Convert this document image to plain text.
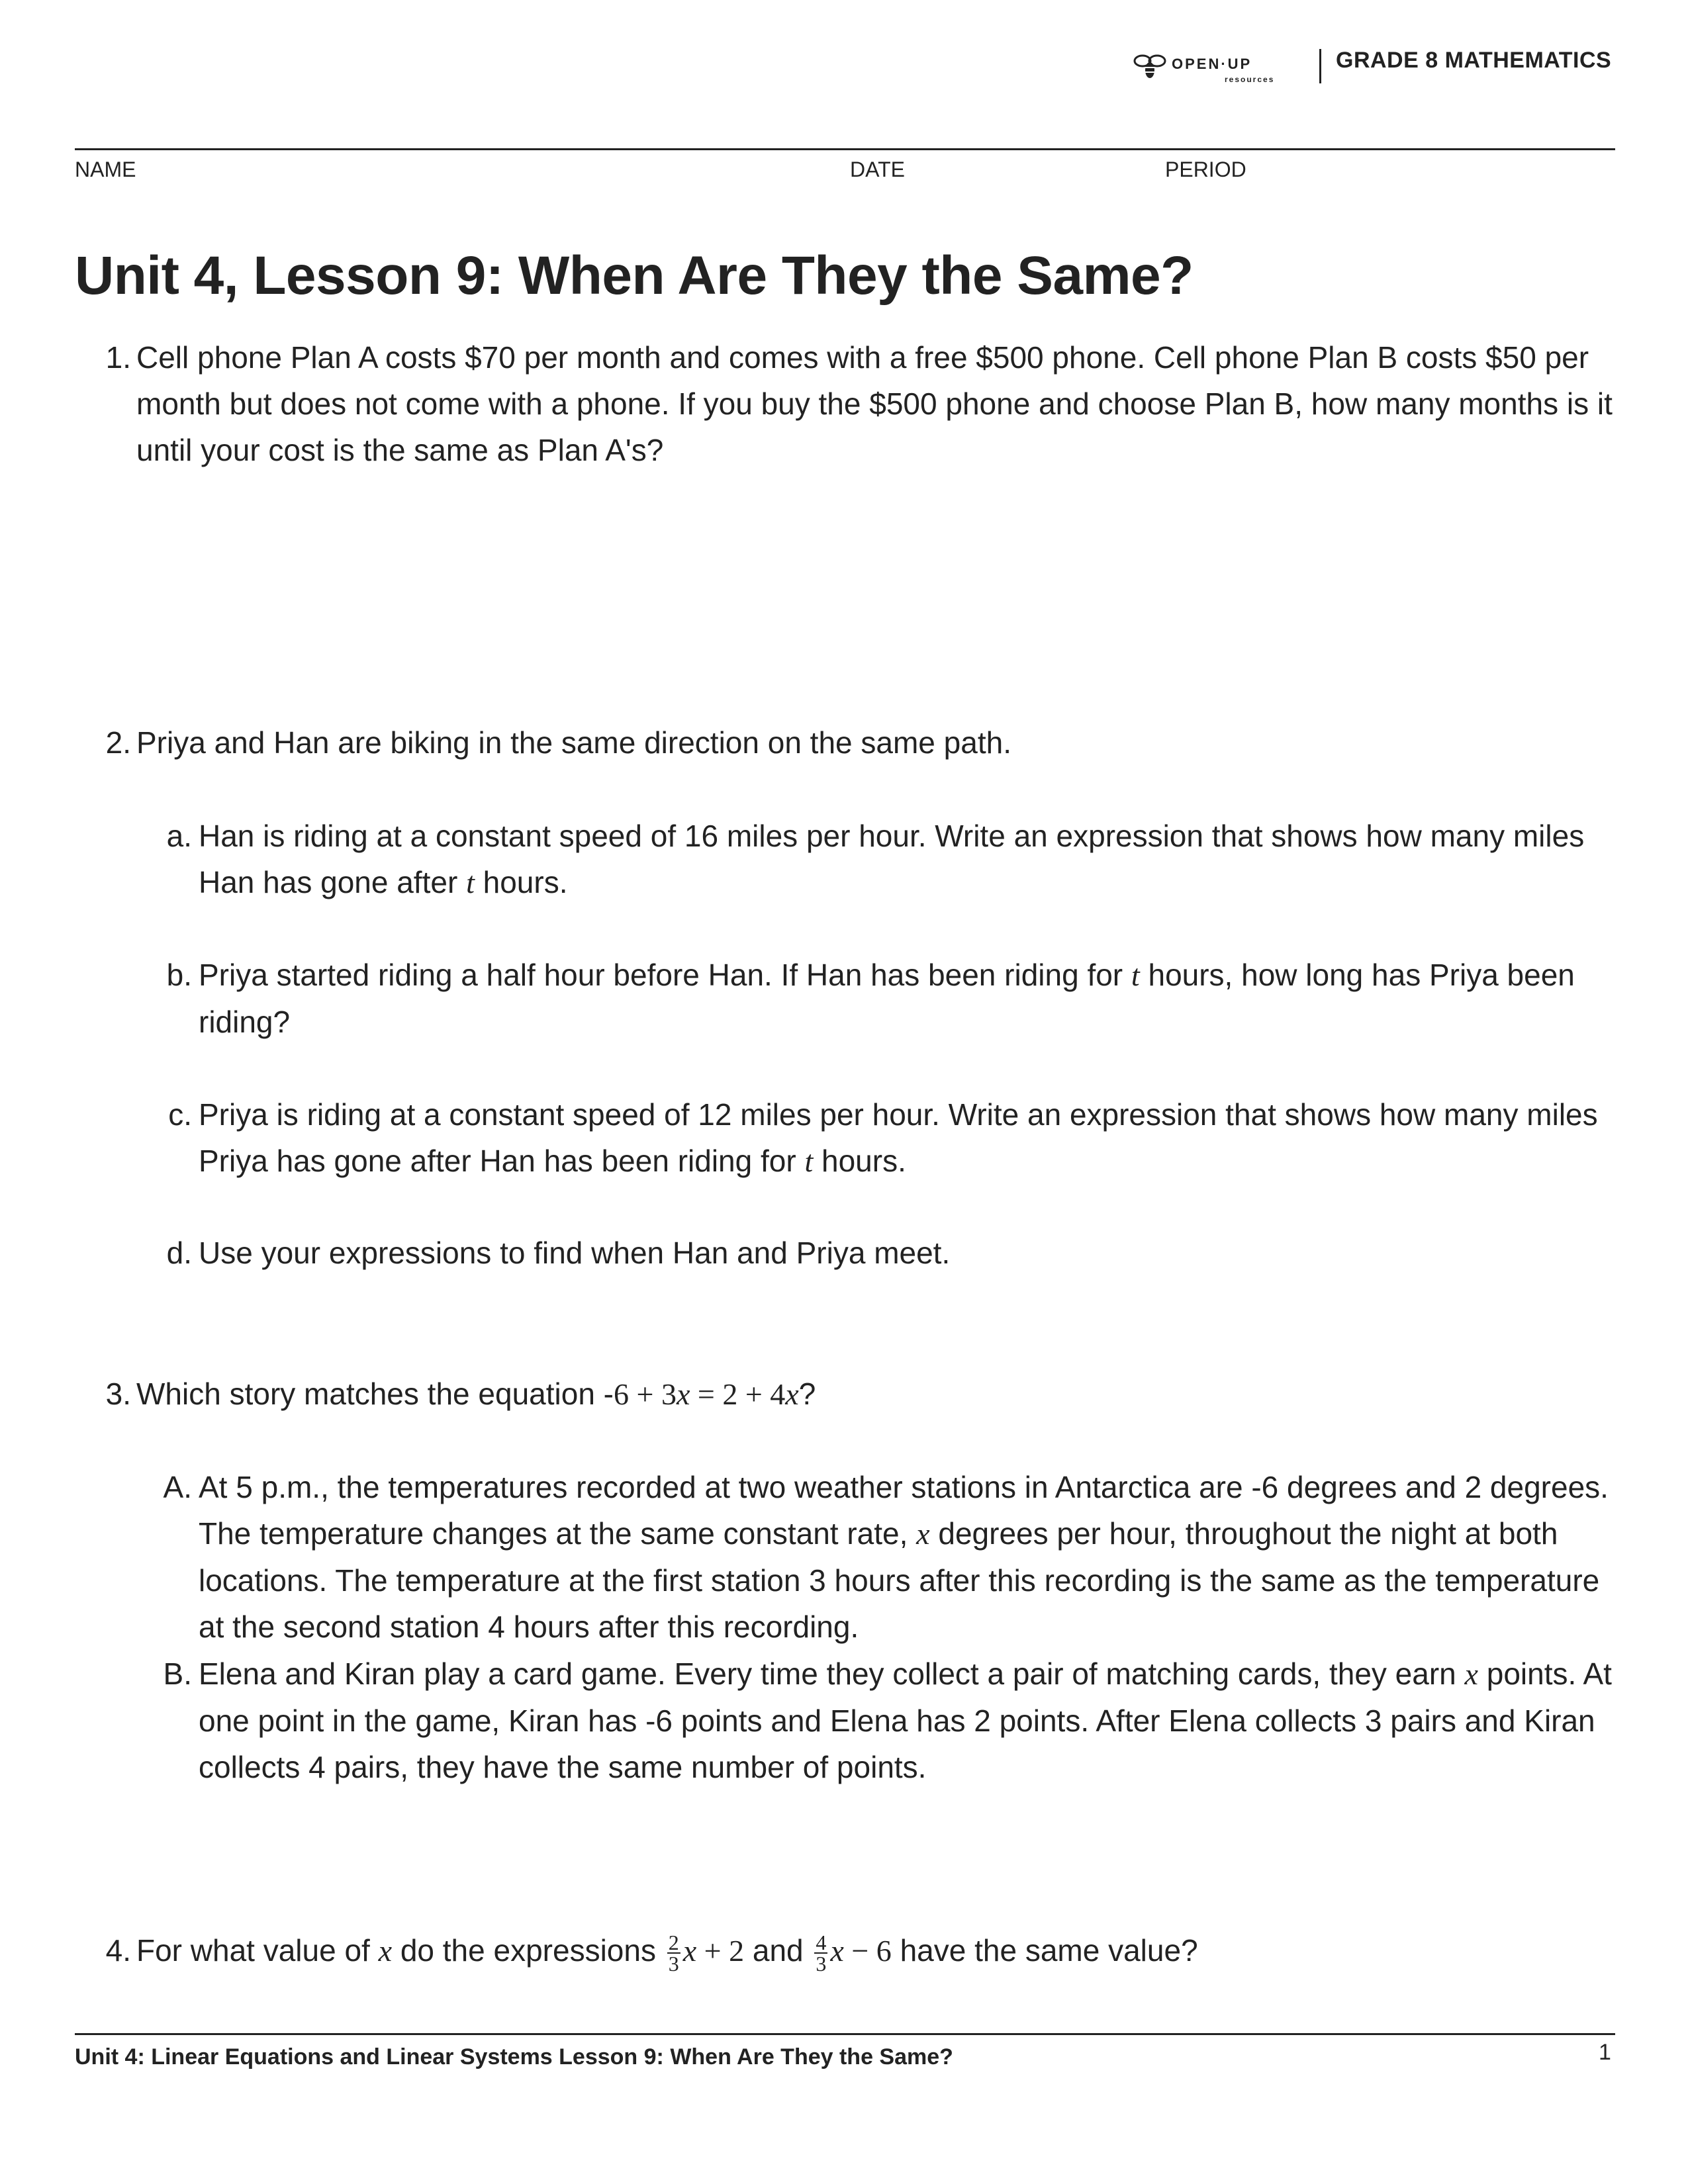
OPEN·UP
resources
GRADE 8 MATHEMATICS
NAME	DATE	PERIOD
Unit 4, Lesson 9: When Are They the Same?
1. Cell phone Plan A costs $70 per month and comes with a free $500 phone. Cell phone Plan B costs $50 per month but does not come with a phone. If you buy the $500 phone and choose Plan B, how many months is it until your cost is the same as Plan A's?
2. Priya and Han are biking in the same direction on the same path.
a. Han is riding at a constant speed of 16 miles per hour. Write an expression that shows how many miles Han has gone after t hours.
b. Priya started riding a half hour before Han. If Han has been riding for t hours, how long has Priya been riding?
c. Priya is riding at a constant speed of 12 miles per hour. Write an expression that shows how many miles Priya has gone after Han has been riding for t hours.
d. Use your expressions to find when Han and Priya meet.
3. Which story matches the equation -6 + 3x = 2 + 4x?
A. At 5 p.m., the temperatures recorded at two weather stations in Antarctica are -6 degrees and 2 degrees. The temperature changes at the same constant rate, x degrees per hour, throughout the night at both locations. The temperature at the first station 3 hours after this recording is the same as the temperature at the second station 4 hours after this recording.
B. Elena and Kiran play a card game. Every time they collect a pair of matching cards, they earn x points. At one point in the game, Kiran has -6 points and Elena has 2 points. After Elena collects 3 pairs and Kiran collects 4 pairs, they have the same number of points.
4. For what value of x do the expressions $\frac{2}{3}$ x + 2 and $\frac{4}{3}$ x − 6 have the same value?
Unit 4: Linear Equations and Linear Systems Lesson 9: When Are They the Same?	1
